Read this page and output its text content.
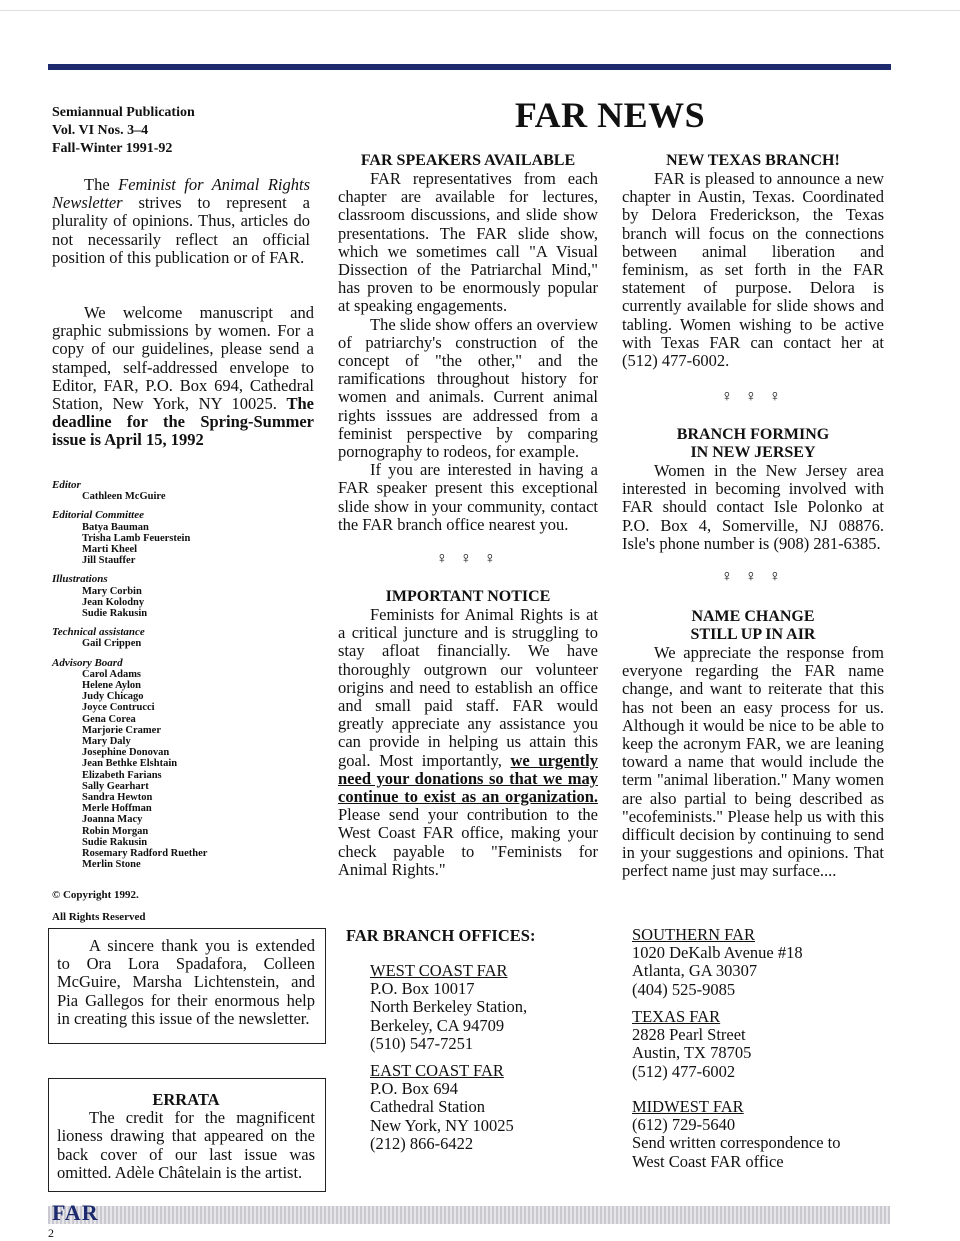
Semiannual Publication
Vol. VI Nos. 3–4
Fall-Winter 1991-92
FAR NEWS

The Feminist for Animal Rights Newsletter strives to represent a plurality of opinions. Thus, articles do not necessarily reflect an official position of this publication or of FAR.

We welcome manuscript and graphic submissions by women. For a copy of our guidelines, please send a stamped, self-addressed envelope to Editor, FAR, P.O. Box 694, Cathedral Station, New York, NY 10025. The deadline for the Spring-Summer issue is April 15, 1992

Editor
Cathleen McGuire
Editorial Committee
Batya Bauman
Trisha Lamb Feuerstein
Marti Kheel
Jill Stauffer
Illustrations
Mary Corbin
Jean Kolodny
Sudie Rakusin
Technical assistance
Gail Crippen
Advisory Board
Carol Adams
Helene Aylon
Judy Chicago
Joyce Contrucci
Gena Corea
Marjorie Cramer
Mary Daly
Josephine Donovan
Jean Bethke Elshtain
Elizabeth Farians
Sally Gearhart
Sandra Hewton
Merle Hoffman
Joanna Macy
Robin Morgan
Sudie Rakusin
Rosemary Radford Ruether
Merlin Stone
© Copyright 1992.
All Rights Reserved

A sincere thank you is extended to Ora Lora Spadafora, Colleen McGuire, Marsha Lichtenstein, and Pia Gallegos for their enormous help in creating this issue of the newsletter.

ERRATA

The credit for the magnificent lioness drawing that appeared on the back cover of our last issue was omitted. Adèle Châtelain is the artist.

FAR SPEAKERS AVAILABLE

FAR representatives from each chapter are available for lectures, classroom discussions, and slide show presentations. The FAR slide show, which we sometimes call "A Visual Dissection of the Patriarchal Mind," has proven to be enormously popular at speaking engagements.

The slide show offers an overview of patriarchy's construction of the concept of "the other," and the ramifications throughout history for women and animals. Current animal rights isssues are addressed from a feminist perspective by comparing pornography to rodeos, for example.

If you are interested in having a FAR speaker present this exceptional slide show in your community, contact the FAR branch office nearest you.

♀ ♀ ♀
IMPORTANT NOTICE

Feminists for Animal Rights is at a critical juncture and is struggling to stay afloat financially. We have thoroughly outgrown our volunteer origins and need to establish an office and small paid staff. FAR would greatly appreciate any assistance you can provide in helping us attain this goal. Most importantly, we urgently need your donations so that we may continue to exist as an organization. Please send your contribution to the West Coast FAR office, making your check payable to "Feminists for Animal Rights."

NEW TEXAS BRANCH!

FAR is pleased to announce a new chapter in Austin, Texas. Coordinated by Delora Frederickson, the Texas branch will focus on the connections between animal liberation and feminism, as set forth in the FAR statement of purpose. Delora is currently available for slide shows and tabling. Women wishing to be active with Texas FAR can contact her at (512) 477-6002.

♀ ♀ ♀
BRANCH FORMING
IN NEW JERSEY

Women in the New Jersey area interested in becoming involved with FAR should contact Isle Polonko at P.O. Box 4, Somerville, NJ 08876. Isle's phone number is (908) 281-6385.

♀ ♀ ♀
NAME CHANGE
STILL UP IN AIR

We appreciate the response from everyone regarding the FAR name change, and want to reiterate that this has not been an easy process for us. Although it would be nice to be able to keep the acronym FAR, we are leaning toward a name that would include the term "animal liberation." Many women are also partial to being described as "ecofeminists." Please help us with this difficult decision by continuing to send in your suggestions and opinions. That perfect name just may surface....

FAR BRANCH OFFICES:
WEST COAST FAR
P.O. Box 10017
North Berkeley Station,
Berkeley, CA 94709
(510) 547-7251
EAST COAST FAR
P.O. Box 694
Cathedral Station
New York, NY 10025
(212) 866-6422
SOUTHERN FAR
1020 DeKalb Avenue #18
Atlanta, GA 30307
(404) 525-9085
TEXAS FAR
2828 Pearl Street
Austin, TX 78705
(512) 477-6002
MIDWEST FAR
(612) 729-5640
Send written correspondence to
West Coast FAR office
FAR
2
